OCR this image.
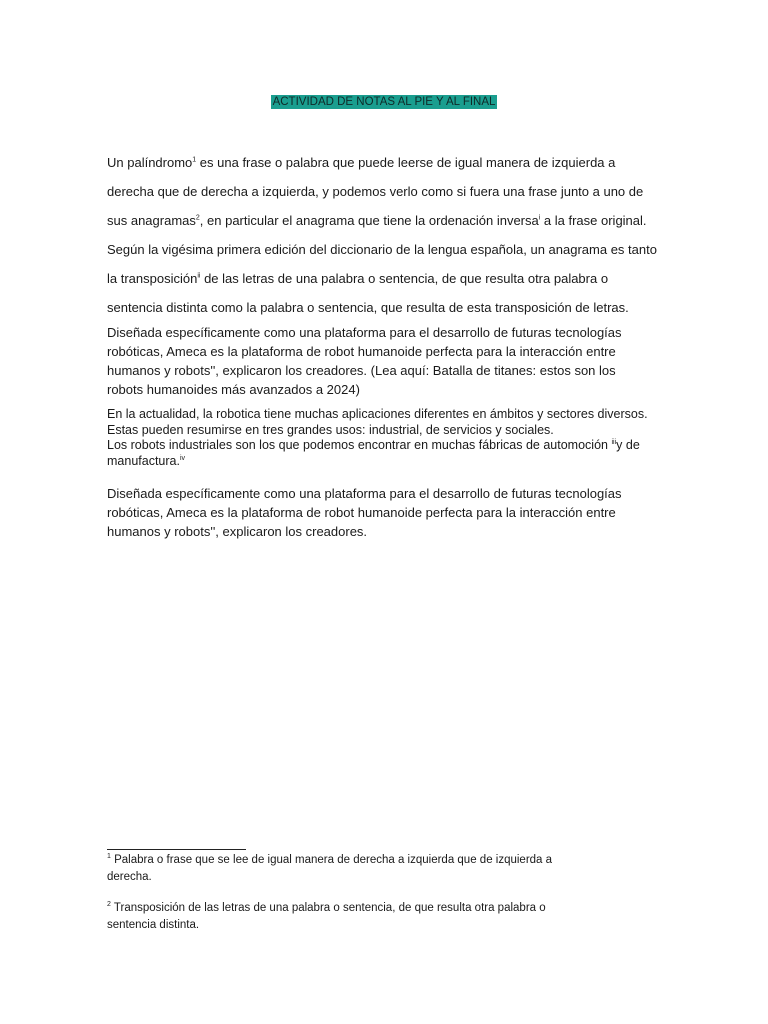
ACTIVIDAD DE NOTAS AL PIE Y AL FINAL

Un palíndromo$^1$ es una frase o palabra que puede leerse de igual manera de izquierda a derecha que de derecha a izquierda, y podemos verlo como si fuera una frase junto a uno de sus anagramas$^2$, en particular el anagrama que tiene la ordenación inversa$^i$ a la frase original. Según la vigésima primera edición del diccionario de la lengua española, un anagrama es tanto la transposición$^{ii}$ de las letras de una palabra o sentencia, de que resulta otra palabra o sentencia distinta como la palabra o sentencia, que resulta de esta transposición de letras.

Diseñada específicamente como una plataforma para el desarrollo de futuras tecnologías robóticas, Ameca es la plataforma de robot humanoide perfecta para la interacción entre humanos y robots'', explicaron los creadores. (Lea aquí: Batalla de titanes: estos son los robots humanoides más avanzados a 2024)

En la actualidad, la robotica tiene muchas aplicaciones diferentes en ámbitos y sectores diversos.
Estas pueden resumirse en tres grandes usos: industrial, de servicios y sociales.
Los robots industriales son los que podemos encontrar en muchas fábricas de automoción $^{iii}$y de
manufactura.$^{iv}$

Diseñada específicamente como una plataforma para el desarrollo de futuras tecnologías robóticas, Ameca es la plataforma de robot humanoide perfecta para la interacción entre humanos y robots'', explicaron los creadores.

$^1$ Palabra o frase que se lee de igual manera de derecha a izquierda que de izquierda a derecha.
$^2$ Transposición de las letras de una palabra o sentencia, de que resulta otra palabra o sentencia distinta.
